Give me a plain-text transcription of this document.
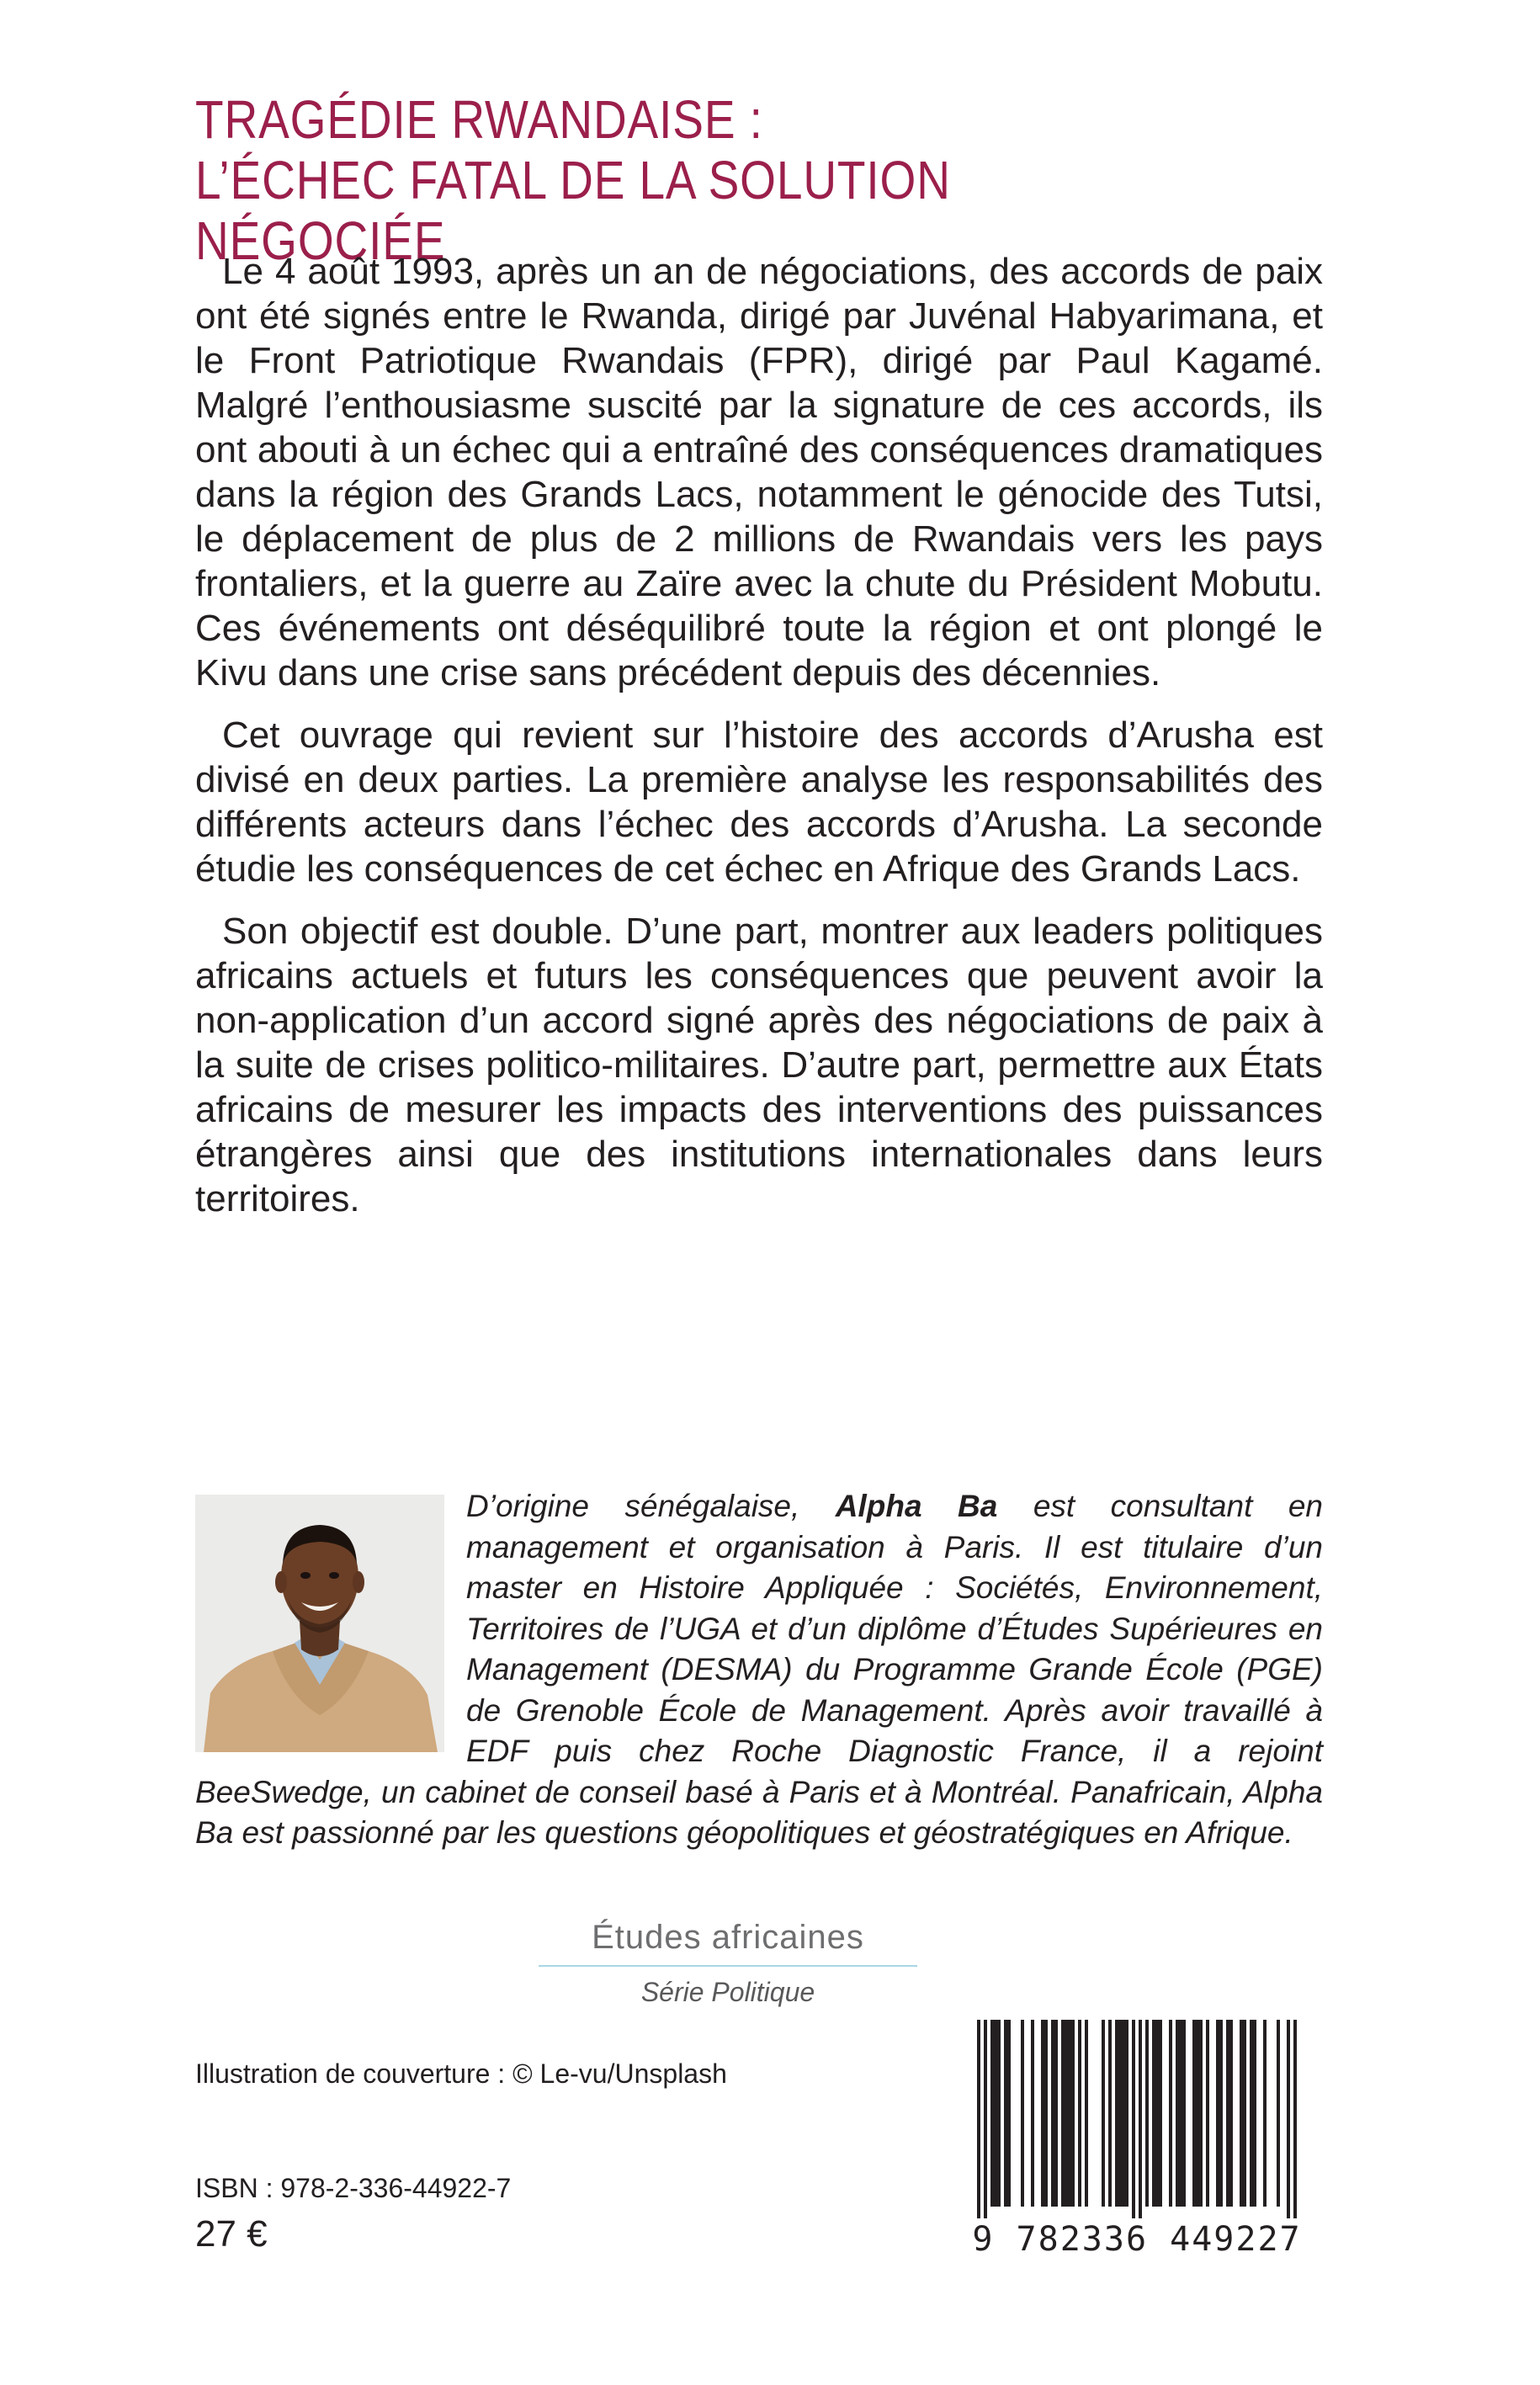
TRAGÉDIE RWANDAISE :
L’ÉCHEC FATAL DE LA SOLUTION NÉGOCIÉE

Le 4 août 1993, après un an de négociations, des accords de paix ont été signés entre le Rwanda, dirigé par Juvénal Habyarimana, et le Front Patriotique Rwandais (FPR), dirigé par Paul Kagamé. Malgré l’enthousiasme suscité par la signature de ces accords, ils ont abouti à un échec qui a entraîné des conséquences dramatiques dans la région des Grands Lacs, notamment le génocide des Tutsi, le déplacement de plus de 2 millions de Rwandais vers les pays frontaliers, et la guerre au Zaïre avec la chute du Président Mobutu. Ces événements ont déséquilibré toute la région et ont plongé le Kivu dans une crise sans précédent depuis des décennies.

Cet ouvrage qui revient sur l’histoire des accords d’Arusha est divisé en deux parties. La première analyse les responsabilités des différents acteurs dans l’échec des accords d’Arusha. La seconde étudie les conséquences de cet échec en Afrique des Grands Lacs.

Son objectif est double. D’une part, montrer aux leaders politiques africains actuels et futurs les conséquences que peuvent avoir la non-application d’un accord signé après des négociations de paix à la suite de crises politico-militaires. D’autre part, permettre aux États africains de mesurer les impacts des interventions des puissances étrangères ainsi que des institutions internationales dans leurs territoires.

D’origine sénégalaise, Alpha Ba est consultant en management et organisation à Paris. Il est titulaire d’un master en Histoire Appliquée : Sociétés, Environnement, Territoires de l’UGA et d’un diplôme d’Études Supérieures en Management (DESMA) du Programme Grande École (PGE) de Grenoble École de Management. Après avoir travaillé à EDF puis chez Roche Diagnostic France, il a rejoint BeeSwedge, un cabinet de conseil basé à Paris et à Montréal. Panafricain, Alpha Ba est passionné par les questions géopolitiques et géostratégiques en Afrique.

Études africaines
Série Politique
Illustration de couverture : © Le-vu/Unsplash
ISBN : 978-2-336-44922-7
27 €	9 782336 449227
